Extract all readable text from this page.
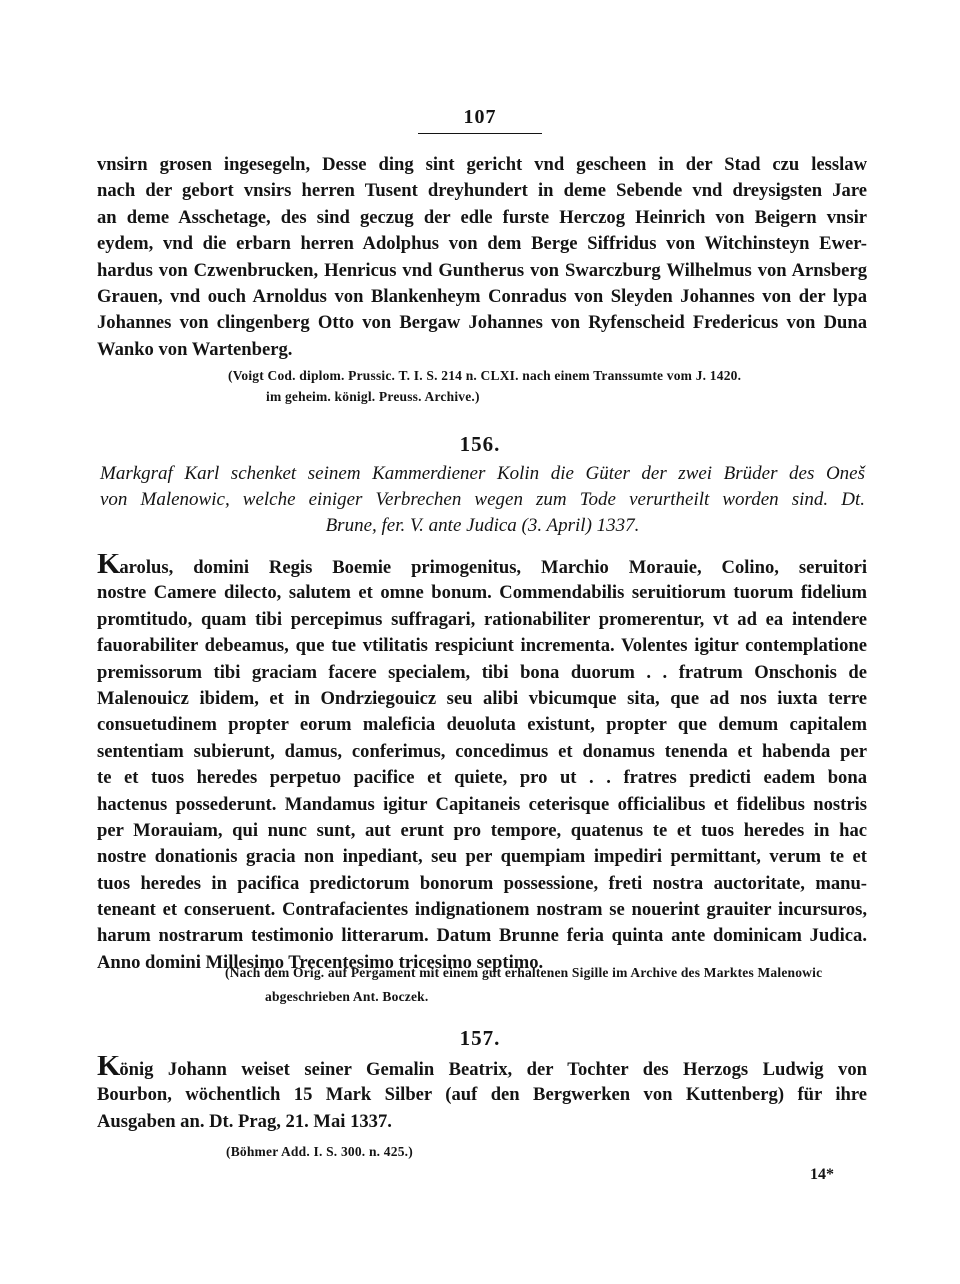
107
vnsirn grosen ingesegeln, Desse ding sint gericht vnd gescheen in der Stad czu lesslaw
nach der gebort vnsirs herren Tusent dreyhundert in deme Sebende vnd dreysigsten Jare
an deme Asschetage, des sind geczug der edle furste Herczog Heinrich von Beigern vnsir
eydem, vnd die erbarn herren Adolphus von dem Berge Siffridus von Witchinsteyn Ewer-
hardus von Czwenbrucken, Henricus vnd Guntherus von Swarczburg Wilhelmus von Arnsberg
Grauen, vnd ouch Arnoldus von Blankenheym Conradus von Sleyden Johannes von der lypa
Johannes von clingenberg Otto von Bergaw Johannes von Ryfenscheid Fredericus von Duna
Wanko von Wartenberg.
(Voigt Cod. diplom. Prussic. T. I. S. 214 n. CLXI. nach einem Transsumte vom J. 1420.
im geheim. königl. Preuss. Archive.)
156.
Markgraf Karl schenket seinem Kammerdiener Kolin die Güter der zwei Brüder des Oneš
von Malenowic, welche einiger Verbrechen wegen zum Tode verurtheilt worden sind. Dt.
Brune, fer. V. ante Judica (3. April) 1337.
Karolus, domini Regis Boemie primogenitus, Marchio Morauie, Colino, seruitori
nostre Camere dilecto, salutem et omne bonum. Commendabilis seruitiorum tuorum fidelium
promtitudo, quam tibi percepimus suffragari, rationabiliter promerentur, vt ad ea intendere
fauorabiliter debeamus, que tue vtilitatis respiciunt incrementa. Volentes igitur contemplatione
premissorum tibi graciam facere specialem, tibi bona duorum . . fratrum Onschonis de
Malenouicz ibidem, et in Ondrziegouicz seu alibi vbicumque sita, que ad nos iuxta terre
consuetudinem propter eorum maleficia deuoluta existunt, propter que demum capitalem
sententiam subierunt, damus, conferimus, concedimus et donamus tenenda et habenda per
te et tuos heredes perpetuo pacifice et quiete, pro ut . . fratres predicti eadem bona
hactenus possederunt. Mandamus igitur Capitaneis ceterisque officialibus et fidelibus nostris
per Morauiam, qui nunc sunt, aut erunt pro tempore, quatenus te et tuos heredes in hac
nostre donationis gracia non inpediant, seu per quempiam impediri permittant, verum te et
tuos heredes in pacifica predictorum bonorum possessione, freti nostra auctoritate, manu-
teneant et conseruent. Contrafacientes indignationem nostram se nouerint grauiter incursuros,
harum nostrarum testimonio litterarum. Datum Brunne feria quinta ante dominicam Judica.
Anno domini Millesimo Trecentesimo tricesimo septimo.
(Nach dem Orig. auf Pergament mit einem gut erhaltenen Sigille im Archive des Marktes Malenowic
abgeschrieben Ant. Boczek.
157.
König Johann weiset seiner Gemalin Beatrix, der Tochter des Herzogs Ludwig von
Bourbon, wöchentlich 15 Mark Silber (auf den Bergwerken von Kuttenberg) für ihre
Ausgaben an. Dt. Prag, 21. Mai 1337.
(Böhmer Add. I. S. 300. n. 425.)
14*
